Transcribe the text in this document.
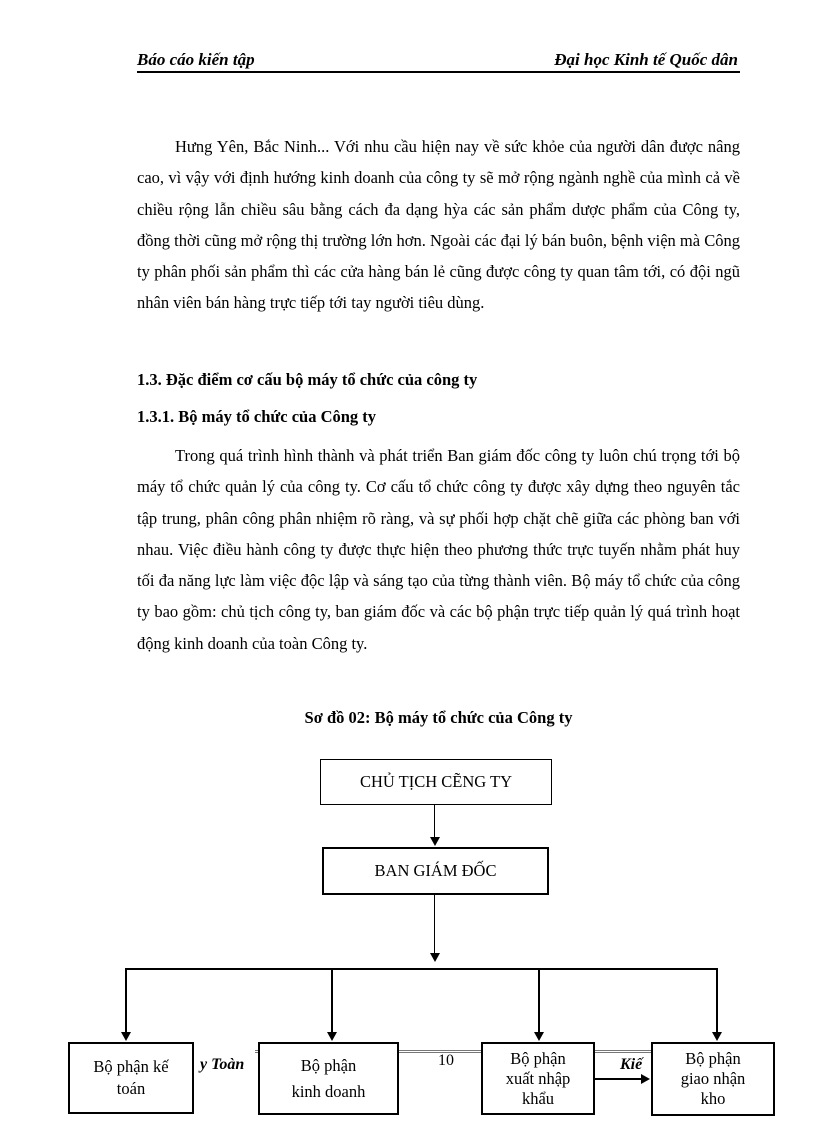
Báo cáo kiến tập	Đại học Kinh tế Quốc dân

Hưng Yên, Bắc Ninh... Với nhu cầu hiện nay về sức khỏe của người dân được nâng cao, vì vậy với định hướng kinh doanh của công ty sẽ mở rộng ngành nghề của mình cả về chiều rộng lẫn chiều sâu bằng cách đa dạng hỳa các sản phẩm dược phẩm của Công ty, đồng thời cũng mở rộng thị trường lớn hơn. Ngoài các đại lý bán buôn, bệnh viện mà Công ty phân phối sản phẩm thì các cửa hàng bán lẻ cũng được công ty quan tâm tới, có đội ngũ nhân viên bán hàng trực tiếp tới tay người tiêu dùng.

1.3. Đặc điểm cơ cấu bộ máy tổ chức của công ty

1.3.1. Bộ máy tổ chức của Công ty

Trong quá trình hình thành và phát triển Ban giám đốc công ty luôn chú trọng tới bộ máy tổ chức quản lý của công ty. Cơ cấu tổ chức công ty được xây dựng theo nguyên tắc tập trung, phân công phân nhiệm rõ ràng, và sự phối hợp chặt chẽ giữa các phòng ban với nhau. Việc điều hành công ty được thực hiện theo phương thức trực tuyến nhằm phát huy tối đa năng lực làm việc độc lập và sáng tạo của từng thành viên. Bộ máy tổ chức của công ty bao gồm: chủ tịch công ty, ban giám đốc và các bộ phận trực tiếp quản lý quá trình hoạt động kinh doanh của toàn Công ty.

Sơ đồ 02: Bộ máy tổ chức của Công ty

CHỦ TỊCH CẼNG TY
BAN GIÁM ĐỐC
y Toàn	10	Kiế
Bộ phận kế
toán
Bộ phận
kinh doanh
Bộ phận
xuất nhập
khẩu
Bộ phận
giao nhận
kho
